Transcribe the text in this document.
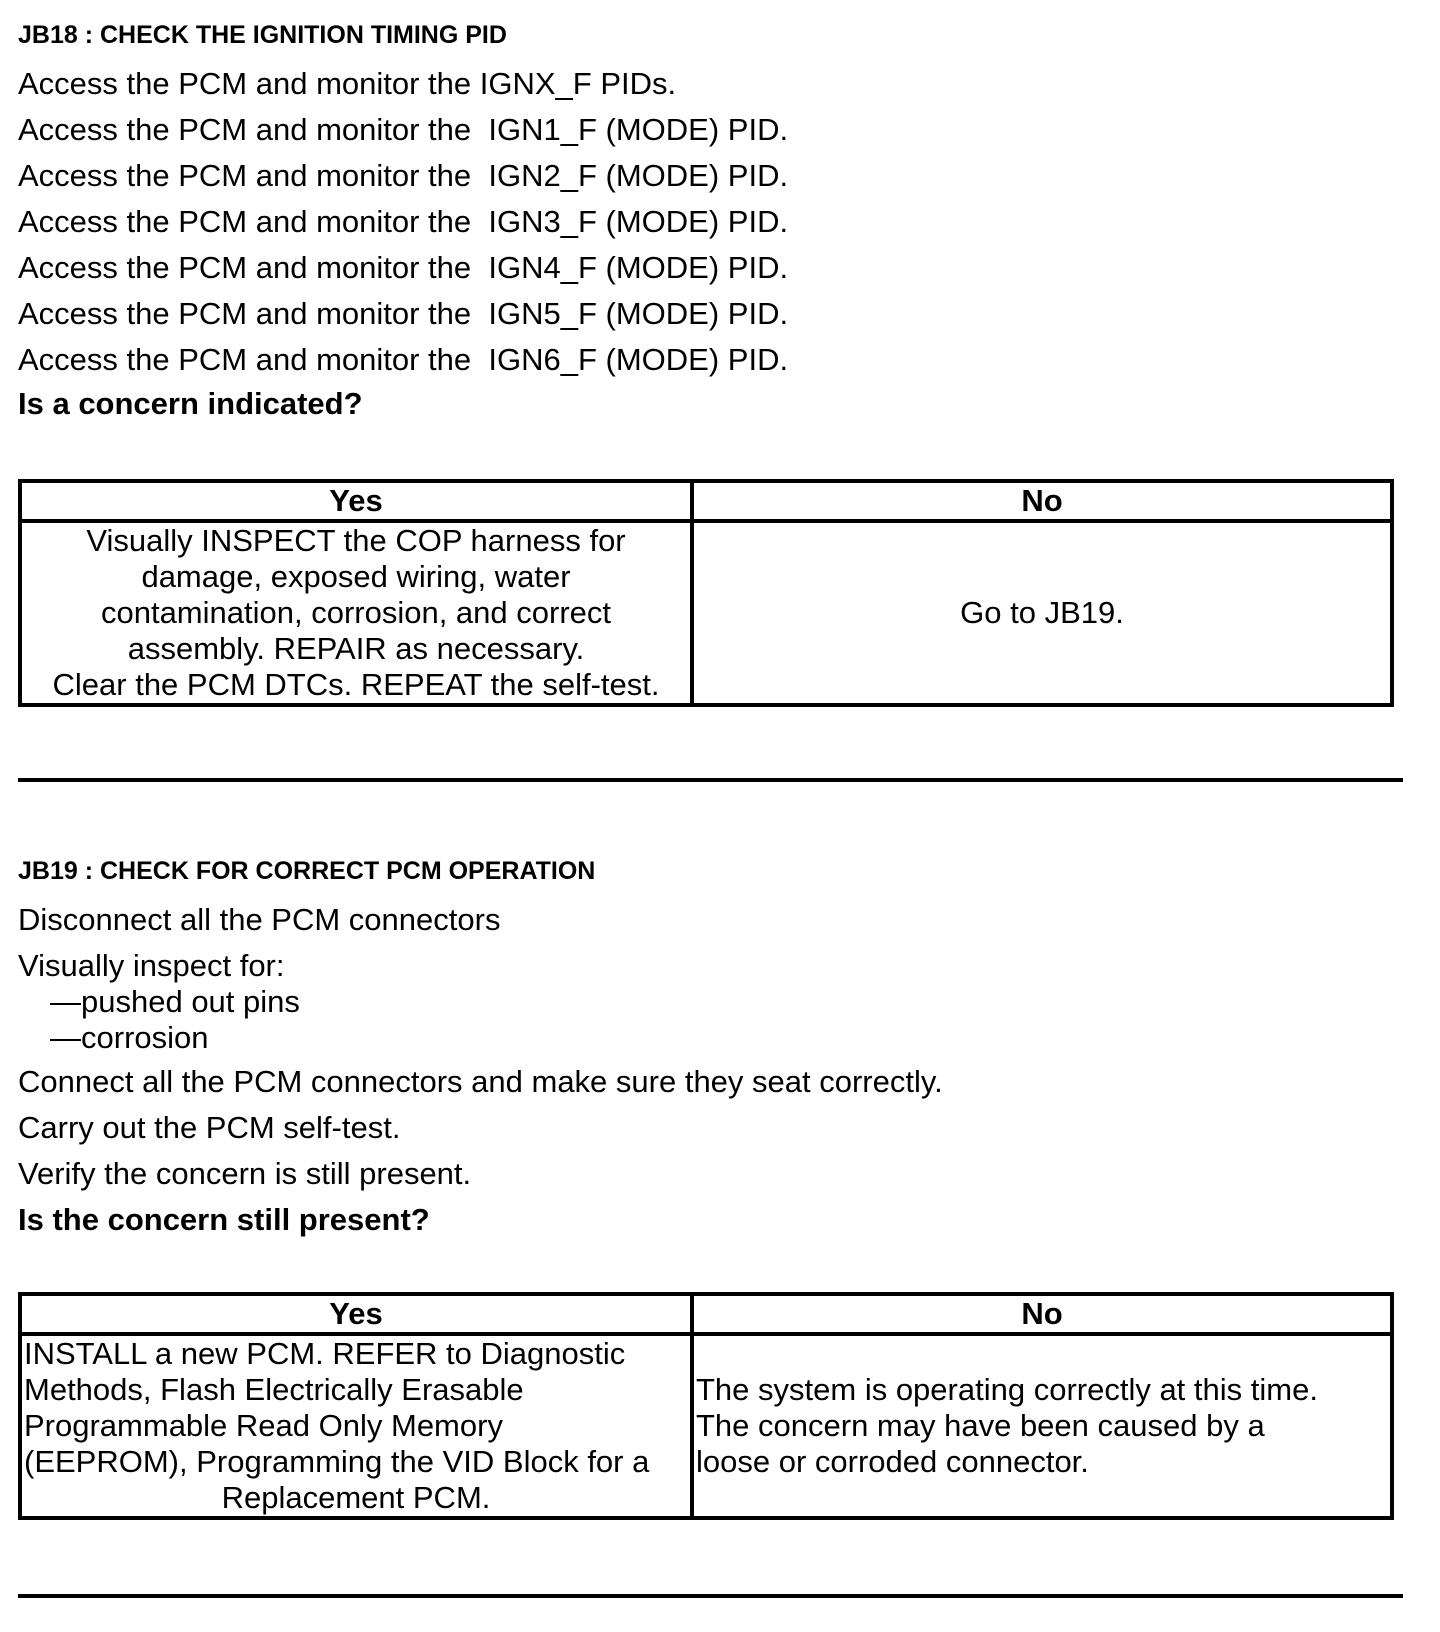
JB18 : CHECK THE IGNITION TIMING PID
Access the PCM and monitor the IGNX_F PIDs.
Access the PCM and monitor the  IGN1_F (MODE) PID.
Access the PCM and monitor the  IGN2_F (MODE) PID.
Access the PCM and monitor the  IGN3_F (MODE) PID.
Access the PCM and monitor the  IGN4_F (MODE) PID.
Access the PCM and monitor the  IGN5_F (MODE) PID.
Access the PCM and monitor the  IGN6_F (MODE) PID.
Is a concern indicated?
Yes	No

Visually INSPECT the COP harness for
damage, exposed wiring, water
contamination, corrosion, and correct
assembly. REPAIR as necessary.
Clear the PCM DTCs. REPEAT the self-test.	Go to JB19.
JB19 : CHECK FOR CORRECT PCM OPERATION
Disconnect all the PCM connectors
Visually inspect for:
—pushed out pins
—corrosion
Connect all the PCM connectors and make sure they seat correctly.
Carry out the PCM self-test.
Verify the concern is still present.
Is the concern still present?
Yes	No

INSTALL a new PCM. REFER to Diagnostic
Methods, Flash Electrically Erasable
Programmable Read Only Memory
(EEPROM), Programming the VID Block for a
Replacement PCM.	The system is operating correctly at this time.
The concern may have been caused by a
loose or corroded connector.
